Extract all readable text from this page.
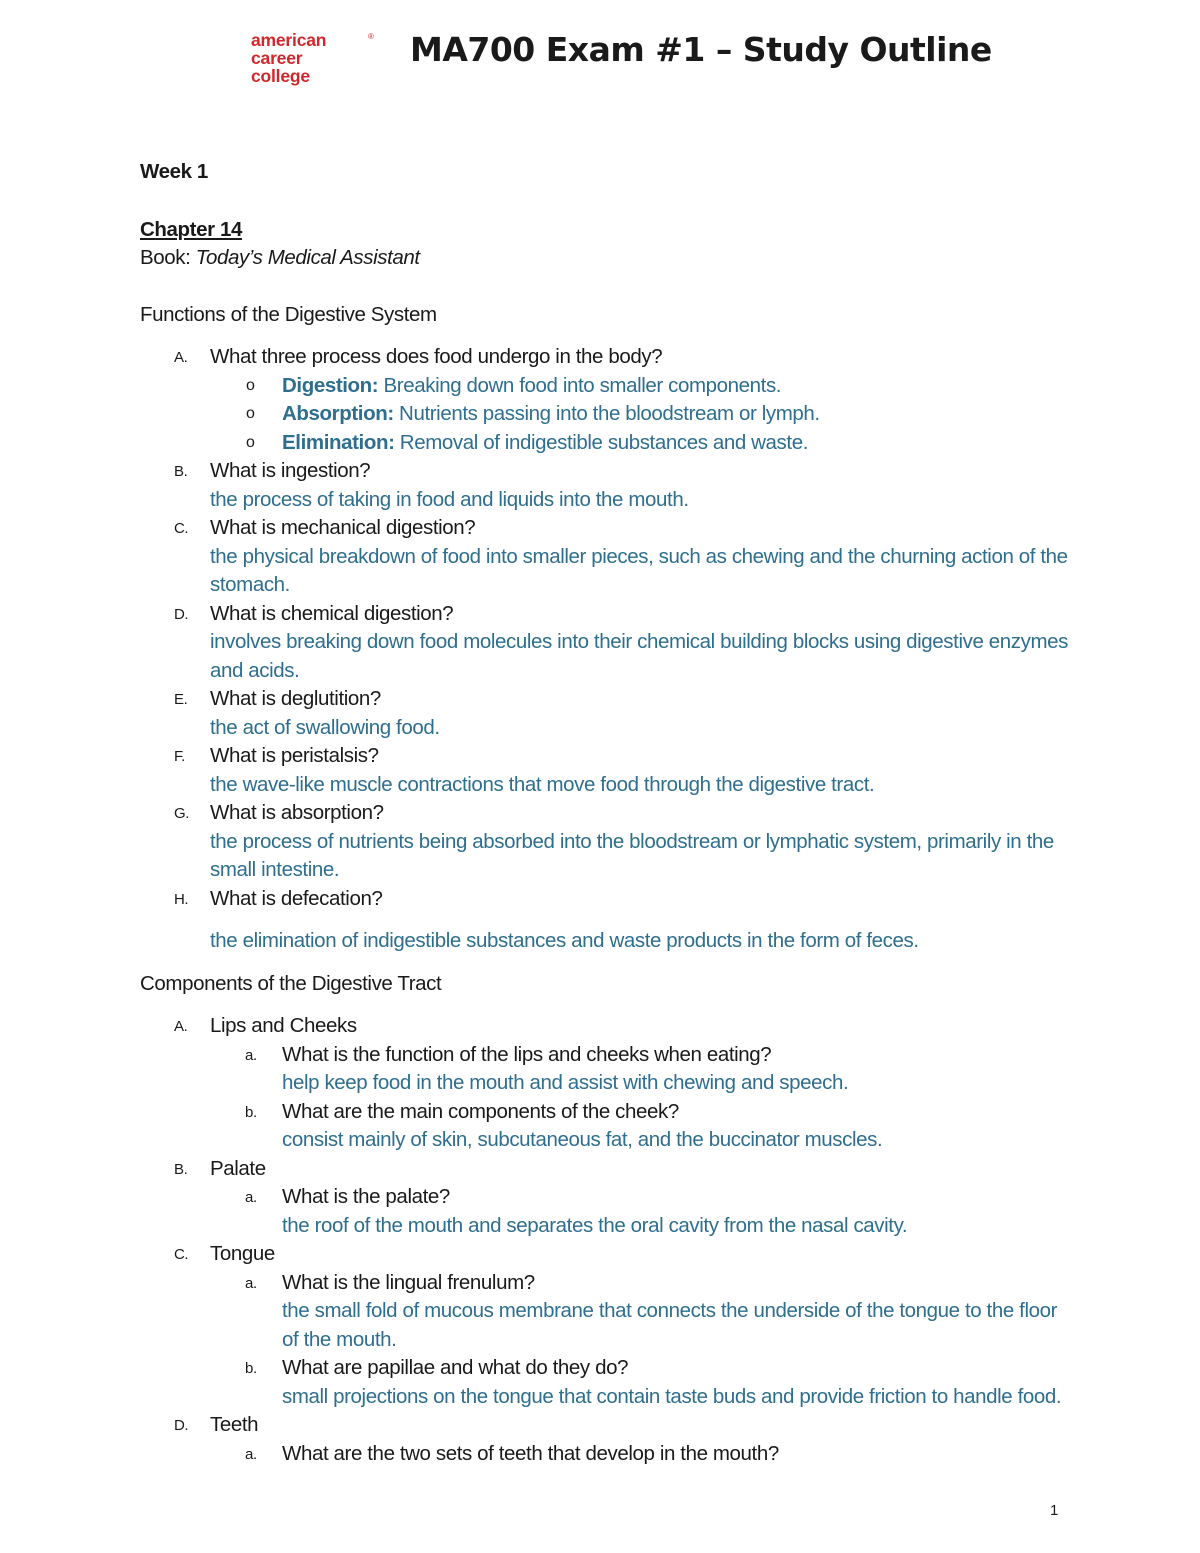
american
career
college
® MA700 Exam #1 – Study Outline
Week 1
Chapter 14
Book: Today’s Medical Assistant
Functions of the Digestive System
A. What three process does food undergo in the body?
o Digestion: Breaking down food into smaller components.
o Absorption: Nutrients passing into the bloodstream or lymph.
o Elimination: Removal of indigestible substances and waste.
B. What is ingestion?
the process of taking in food and liquids into the mouth.
C. What is mechanical digestion?
the physical breakdown of food into smaller pieces, such as chewing and the churning action of the stomach.
D. What is chemical digestion?
involves breaking down food molecules into their chemical building blocks using digestive enzymes and acids.
E. What is deglutition?
the act of swallowing food.
F. What is peristalsis?
the wave-like muscle contractions that move food through the digestive tract.
G. What is absorption?
the process of nutrients being absorbed into the bloodstream or lymphatic system, primarily in the small intestine.
H. What is defecation?
the elimination of indigestible substances and waste products in the form of feces.
Components of the Digestive Tract
A. Lips and Cheeks
a. What is the function of the lips and cheeks when eating?
help keep food in the mouth and assist with chewing and speech.
b. What are the main components of the cheek?
consist mainly of skin, subcutaneous fat, and the buccinator muscles.
B. Palate
a. What is the palate?
the roof of the mouth and separates the oral cavity from the nasal cavity.
C. Tongue
a. What is the lingual frenulum?
the small fold of mucous membrane that connects the underside of the tongue to the floor of the mouth.
b. What are papillae and what do they do?
small projections on the tongue that contain taste buds and provide friction to handle food.
D. Teeth
a. What are the two sets of teeth that develop in the mouth?
1
